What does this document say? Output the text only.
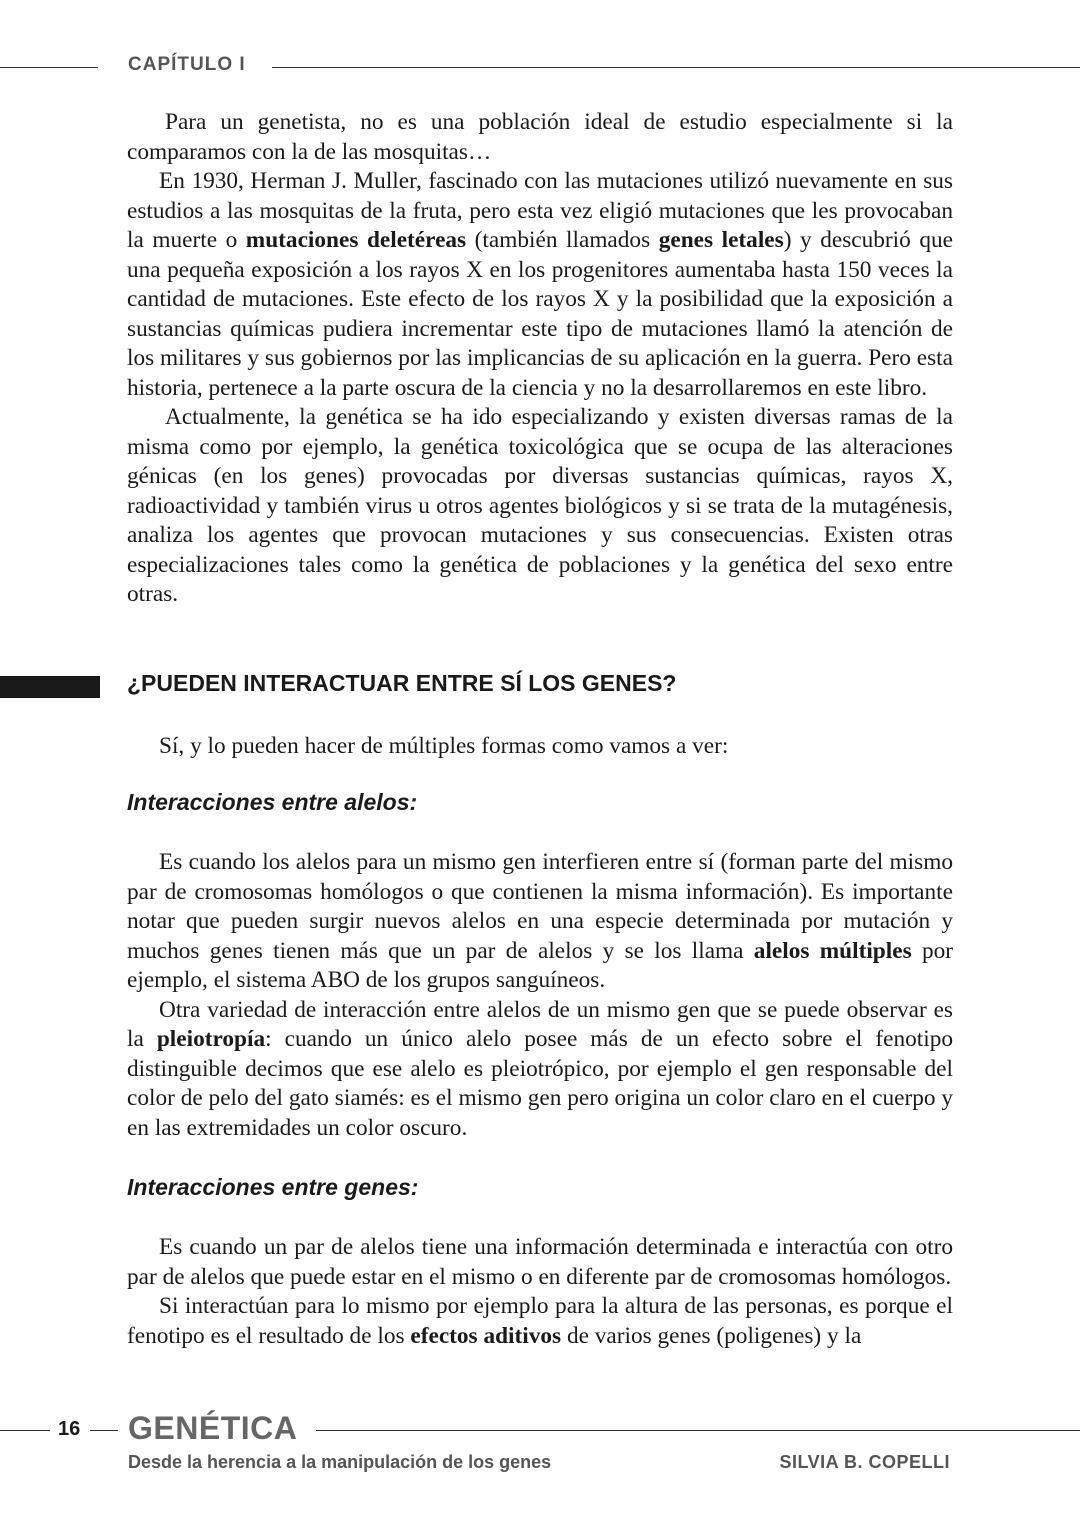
CAPÍTULO I

Para un genetista, no es una población ideal de estudio especialmente si la comparamos con la de las mosquitas…

En 1930, Herman J. Muller, fascinado con las mutaciones utilizó nuevamente en sus estudios a las mosquitas de la fruta, pero esta vez eligió mutaciones que les provocaban la muerte o mutaciones deletéreas (también llamados genes letales) y descubrió que una pequeña exposición a los rayos X en los progenitores aumentaba hasta 150 veces la cantidad de mutaciones. Este efecto de los rayos X y la posibilidad que la exposición a sustancias químicas pudiera incrementar este tipo de mutaciones llamó la atención de los militares y sus gobiernos por las implicancias de su aplicación en la guerra. Pero esta historia, pertenece a la parte oscura de la ciencia y no la desarrollaremos en este libro.

Actualmente, la genética se ha ido especializando y existen diversas ramas de la misma como por ejemplo, la genética toxicológica que se ocupa de las alteraciones génicas (en los genes) provocadas por diversas sustancias químicas, rayos X, radioactividad y también virus u otros agentes biológicos y si se trata de la mutagénesis, analiza los agentes que provocan mutaciones y sus consecuencias. Existen otras especializaciones tales como la genética de poblaciones y la genética del sexo entre otras.

¿PUEDEN INTERACTUAR ENTRE SÍ LOS GENES?

Sí, y lo pueden hacer de múltiples formas como vamos a ver:

Interacciones entre alelos:

Es cuando los alelos para un mismo gen interfieren entre sí (forman parte del mismo par de cromosomas homólogos o que contienen la misma información). Es importante notar que pueden surgir nuevos alelos en una especie determinada por mutación y muchos genes tienen más que un par de alelos y se los llama alelos múltiples por ejemplo, el sistema ABO de los grupos sanguíneos.

Otra variedad de interacción entre alelos de un mismo gen que se puede observar es la pleiotropía: cuando un único alelo posee más de un efecto sobre el fenotipo distinguible decimos que ese alelo es pleiotrópico, por ejemplo el gen responsable del color de pelo del gato siamés: es el mismo gen pero origina un color claro en el cuerpo y en las extremidades un color oscuro.

Interacciones entre genes:

Es cuando un par de alelos tiene una información determinada e interactúa con otro par de alelos que puede estar en el mismo o en diferente par de cromosomas homólogos.

Si interactúan para lo mismo por ejemplo para la altura de las personas, es porque el fenotipo es el resultado de los efectos aditivos de varios genes (poligenes) y la

16 GENÉTICA
Desde la herencia a la manipulación de los genes	SILVIA B. COPELLI
